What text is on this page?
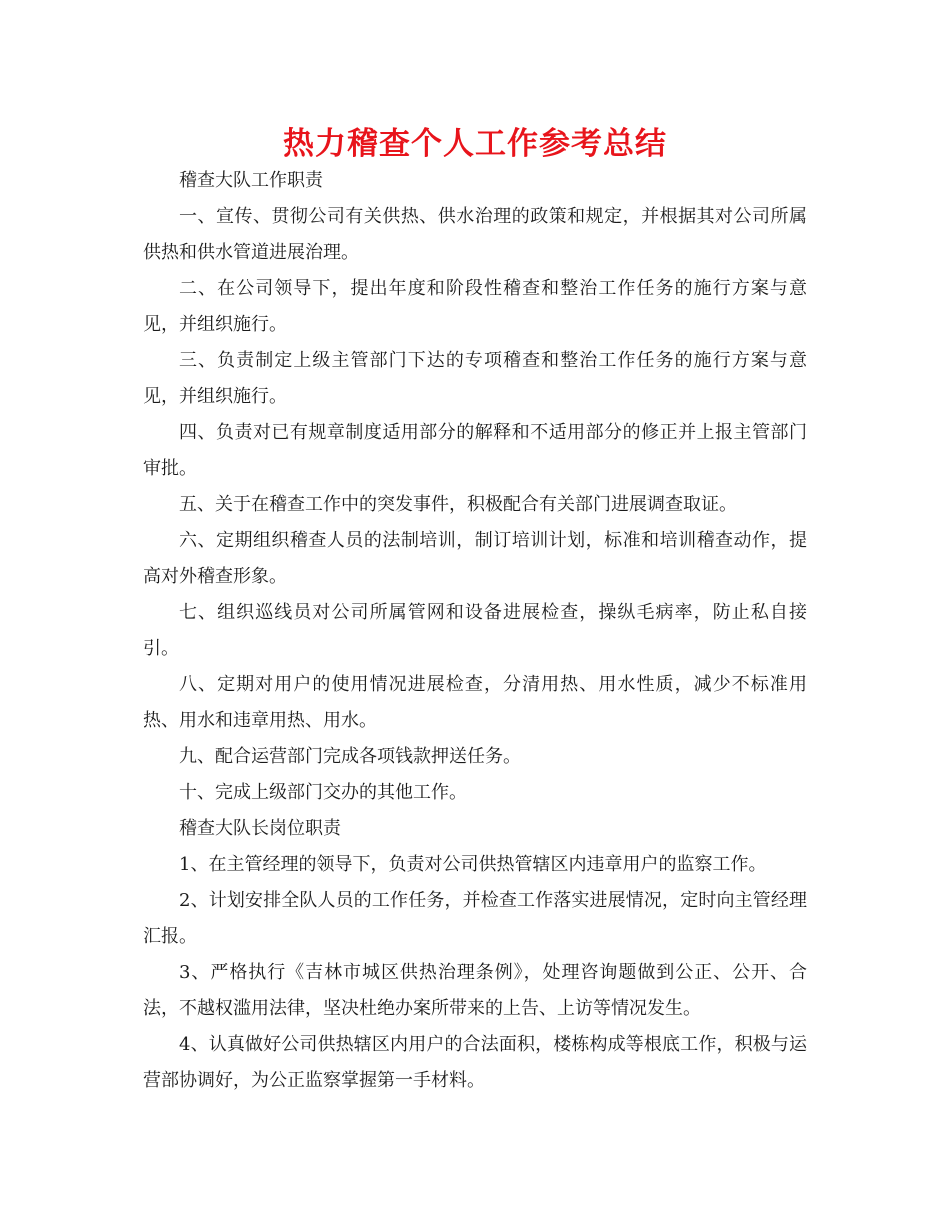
热力稽查个人工作参考总结

稽查大队工作职责

一、宣传、贯彻公司有关供热、供水治理的政策和规定，并根据其对公司所属供热和供水管道进展治理。

二、在公司领导下，提出年度和阶段性稽查和整治工作任务的施行方案与意见，并组织施行。

三、负责制定上级主管部门下达的专项稽查和整治工作任务的施行方案与意见，并组织施行。

四、负责对已有规章制度适用部分的解释和不适用部分的修正并上报主管部门审批。

五、关于在稽查工作中的突发事件，积极配合有关部门进展调查取证。

六、定期组织稽查人员的法制培训，制订培训计划，标准和培训稽查动作，提高对外稽查形象。

七、组织巡线员对公司所属管网和设备进展检查，操纵毛病率，防止私自接引。

八、定期对用户的使用情况进展检查，分清用热、用水性质，减少不标准用热、用水和违章用热、用水。

九、配合运营部门完成各项钱款押送任务。

十、完成上级部门交办的其他工作。

稽查大队长岗位职责

1、在主管经理的领导下，负责对公司供热管辖区内违章用户的监察工作。

2、计划安排全队人员的工作任务，并检查工作落实进展情况，定时向主管经理汇报。

3、严格执行《吉林市城区供热治理条例》，处理咨询题做到公正、公开、合法，不越权滥用法律，坚决杜绝办案所带来的上告、上访等情况发生。

4、认真做好公司供热辖区内用户的合法面积，楼栋构成等根底工作，积极与运营部协调好，为公正监察掌握第一手材料。
